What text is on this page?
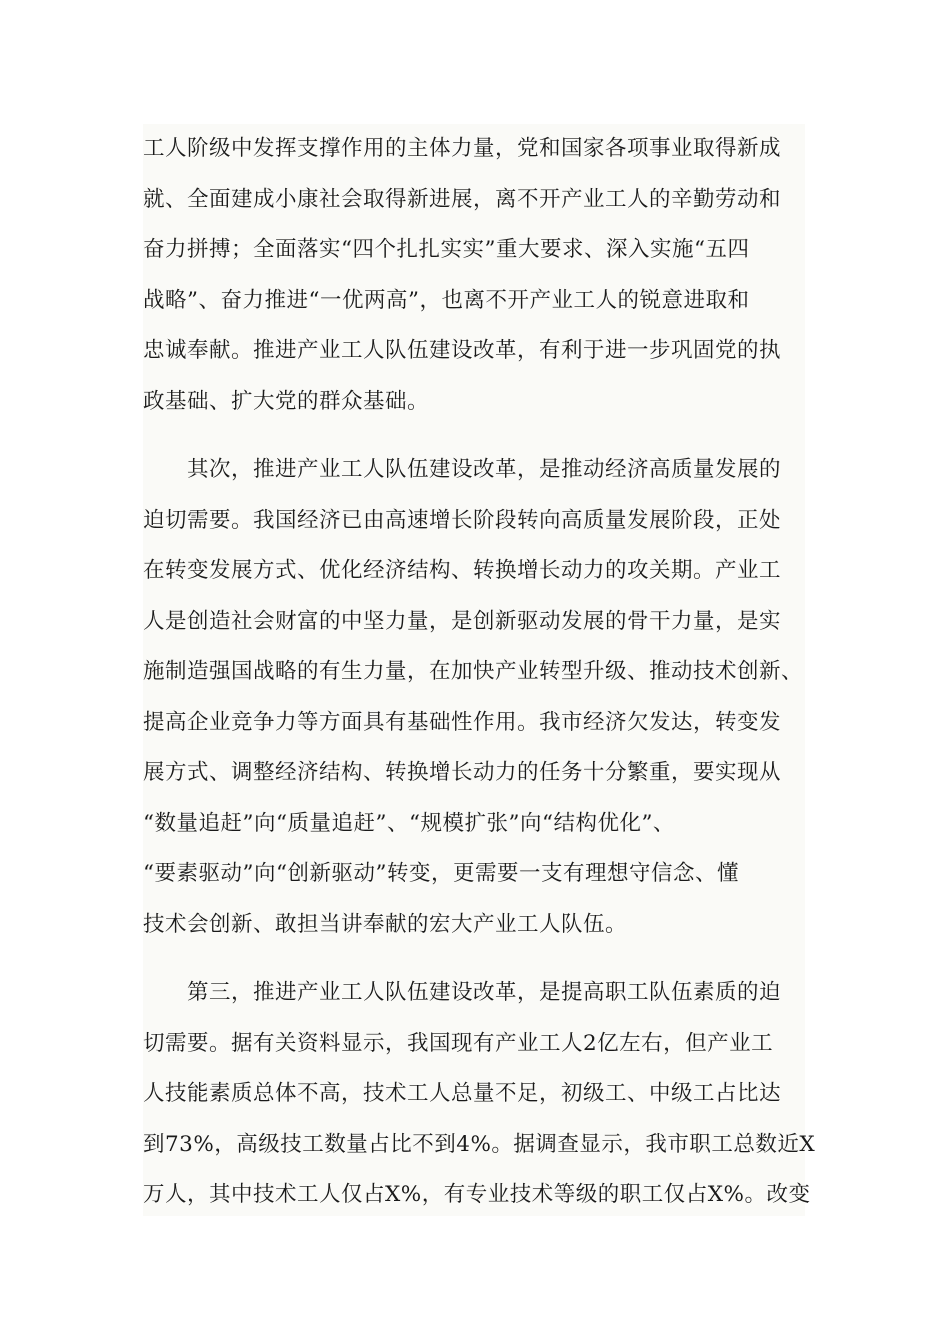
工人阶级中发挥支撑作用的主体力量，党和国家各项事业取得新成
就、全面建成小康社会取得新进展，离不开产业工人的辛勤劳动和
奋力拼搏；全面落实“四个扎扎实实”重大要求、深入实施“五四
战略”、奋力推进“一优两高”，也离不开产业工人的锐意进取和
忠诚奉献。推进产业工人队伍建设改革，有利于进一步巩固党的执
政基础、扩大党的群众基础。
其次，推进产业工人队伍建设改革，是推动经济高质量发展的
迫切需要。我国经济已由高速增长阶段转向高质量发展阶段，正处
在转变发展方式、优化经济结构、转换增长动力的攻关期。产业工
人是创造社会财富的中坚力量，是创新驱动发展的骨干力量，是实
施制造强国战略的有生力量，在加快产业转型升级、推动技术创新、
提高企业竞争力等方面具有基础性作用。我市经济欠发达，转变发
展方式、调整经济结构、转换增长动力的任务十分繁重，要实现从
“数量追赶”向“质量追赶”、“规模扩张”向“结构优化”、
“要素驱动”向“创新驱动”转变，更需要一支有理想守信念、懂
技术会创新、敢担当讲奉献的宏大产业工人队伍。
第三，推进产业工人队伍建设改革，是提高职工队伍素质的迫
切需要。据有关资料显示，我国现有产业工人2亿左右，但产业工
人技能素质总体不高，技术工人总量不足，初级工、中级工占比达
到73%，高级技工数量占比不到4%。据调查显示，我市职工总数近X
万人，其中技术工人仅占X%，有专业技术等级的职工仅占X%。改变
